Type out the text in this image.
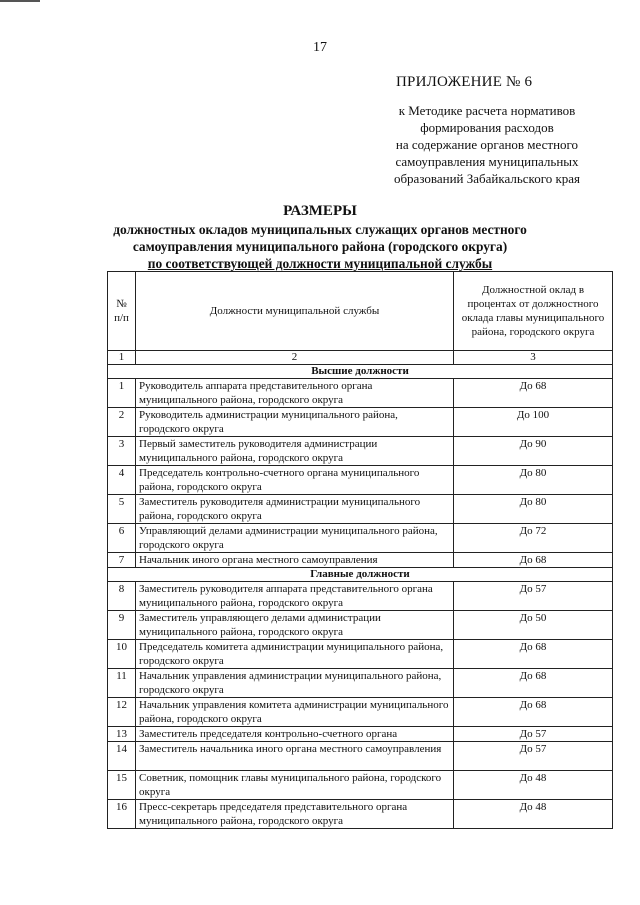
17
ПРИЛОЖЕНИЕ № 6
к Методике расчета нормативов
формирования расходов
на содержание органов местного
самоуправления муниципальных
образований Забайкальского края
РАЗМЕРЫ
должностных окладов муниципальных служащих органов местного
самоуправления муниципального района (городского округа)
по соответствующей должности муниципальной службы
№ п/п	Должности муниципальной службы	Должностной оклад в процентах от должностного оклада главы муниципального района, городского округа
1	2	3
Высшие должности		
1	Руководитель аппарата представительного органа муниципального района, городского округа	До 68
2	Руководитель администрации муниципального района, городского округа	До 100
3	Первый заместитель руководителя администрации муниципального района, городского округа	До 90
4	Председатель контрольно-счетного органа муниципального района, городского округа	До 80
5	Заместитель руководителя администрации муниципального района, городского округа	До 80
6	Управляющий делами администрации муниципального района, городского округа	До 72
7	Начальник иного органа местного самоуправления	До 68
Главные должности		
8	Заместитель руководителя аппарата представительного органа муниципального района, городского округа	До 57
9	Заместитель управляющего делами администрации муниципального района, городского округа	До 50
10	Председатель комитета администрации муниципального района, городского округа	До 68
11	Начальник управления администрации муниципального района, городского округа	До 68
12	Начальник управления комитета администрации муниципального района, городского округа	До 68
13	Заместитель председателя контрольно-счетного органа	До 57
14	Заместитель начальника иного органа местного самоуправления	До 57
15	Советник, помощник главы муниципального района, городского округа	До 48
16	Пресс-секретарь председателя представительного органа муниципального района, городского округа	До 48
